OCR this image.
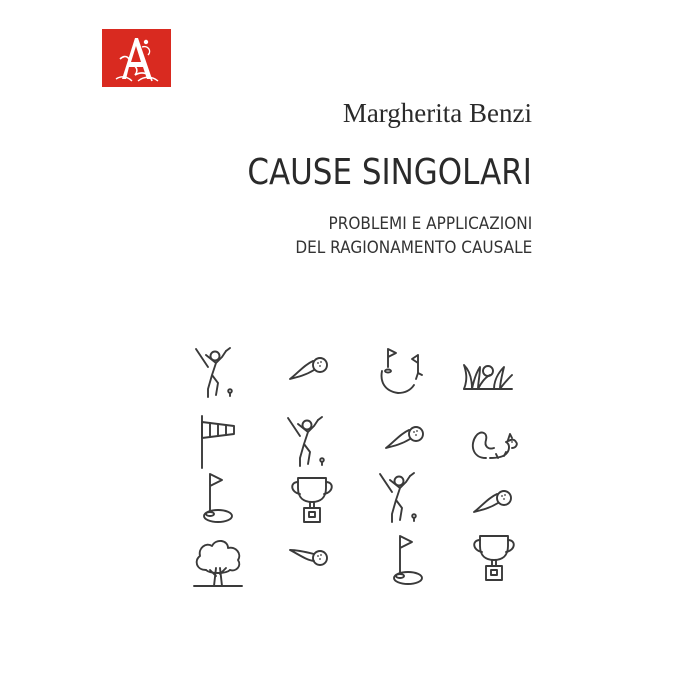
Margherita Benzi
CAUSE SINGOLARI
PROBLEMI E APPLICAZIONI
DEL RAGIONAMENTO CAUSALE
